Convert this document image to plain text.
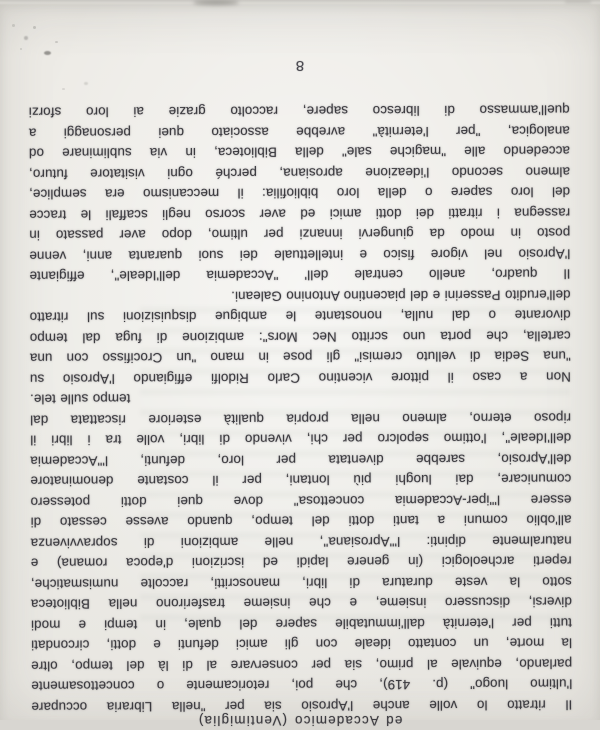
8
quell'ammasso di libresco sapere, raccolto grazie ai loro sforzi
analogica, "per l'eternità" avrebbe associato quei personaggi a
accedendo alle "magiche sale" della Biblioteca, in via subliminare od
almeno secondo l'ideazione aprosiana, perché ogni visitatore futuro,
del loro sapere o della loro bibliofilia: il meccanismo era semplice,
rassegna i ritratti dei dotti amici ed aver scorso negli scaffali le tracce
posto in modo da giungervi innanzi per ultimo, dopo aver passato in
l'Aprosio nel vigore fisico e intellettuale dei suoi quaranta anni, venne
Il quadro, anello centrale dell' "Accademia dell'Ideale", effigiante
dell'erudito Passerini e del piacentino Antonino Galeani.
divorante o dal nulla, nonostante le ambigue disquisizioni sul ritratto
cartella, che porta uno scritto Nec Mors": ambizione di fuga dal tempo
"una Sedia di velluto cremisi" gli pose in mano "un Crocifisso con una
Non a caso il pittore vicentino Carlo Ridolfi effigiando l'Aprosio su
tempo sulle tele.
riposo eterno, almeno nella propria qualità esteriore riscattata dal
dell'Ideale", l'ottimo sepolcro per chi, vivendo di libri, volle tra i libri il
dell'Aprosio, sarebbe diventata per loro, defunti, l'"Accademia
comunicare, dai luoghi più lontani, per il costante denominatore
essere l'"iper-Accademia concettosa" dove quei dotti potessero
all'oblio comuni a tanti dotti del tempo, quando avesse cessato di
naturalmente dipinti: l'"Aprosiana", nelle ambizioni di sopravvivenza
reperti archeologici (in genere lapidi ed iscrizioni d'epoca romana) e
sotto la veste duratura di libri, manoscritti, raccolte numismatiche,
diversi, discussero insieme, e che insieme trasferirono nella Biblioteca
tutti per l'eternità dall'immutabile sapere del quale, in tempi e modi
la morte, un contatto ideale con gli amici defunti e dotti, circondati
parlando, equivale al primo, sia per conservare al di là del tempo, oltre
l'ultimo luogo" (p. 419), che poi, retoricamente o concettosamente
Il ritratto lo volle anche l'Aprosio sia per "nella Libraria occupare
ed Accademico (Ventimiglia)
